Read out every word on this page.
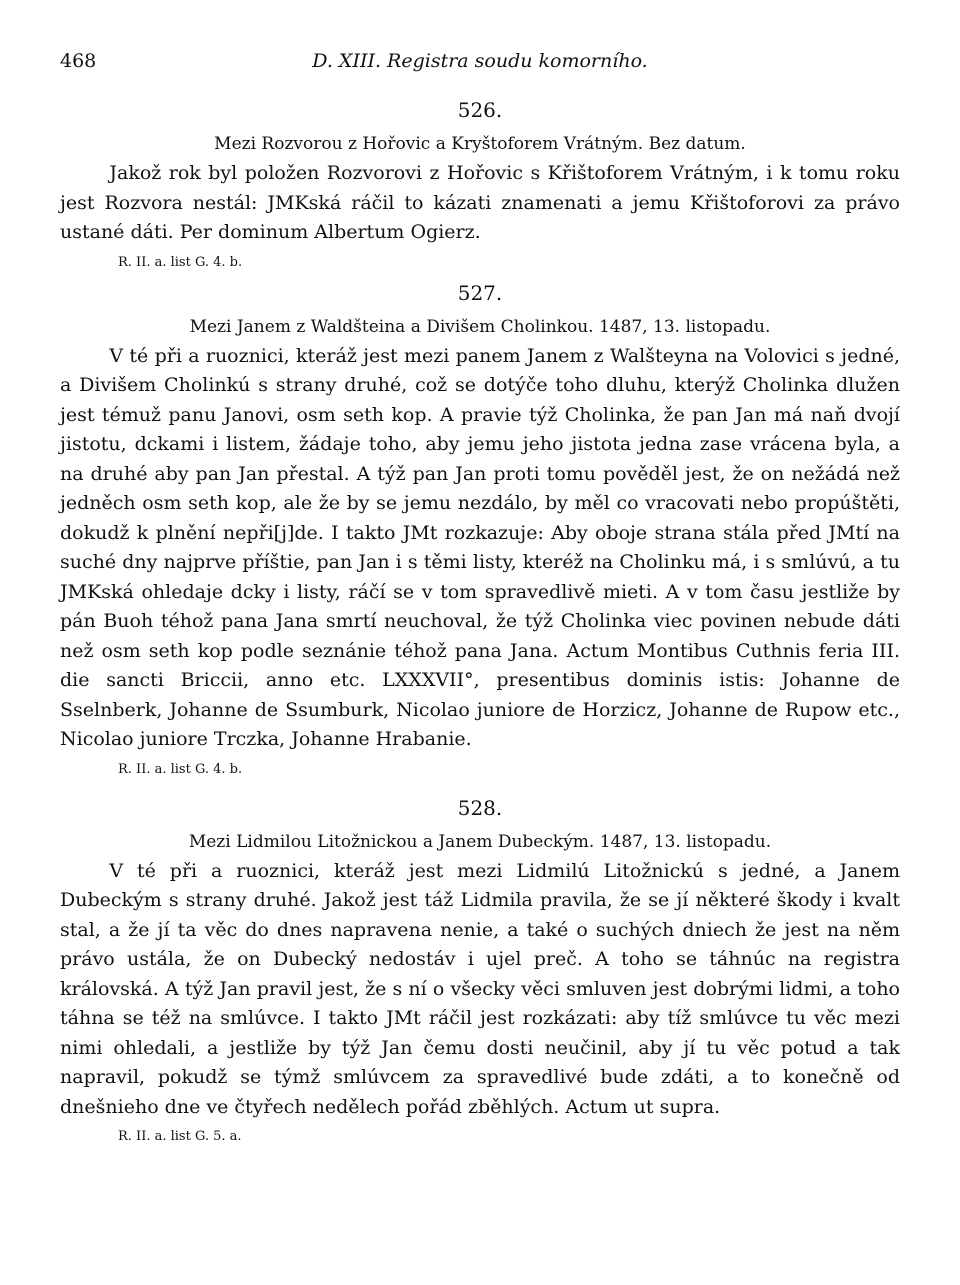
468	D. XIII. Registra soudu komorního.

526.

Mezi Rozvorou z Hořovic a Kryštoforem Vrátným. Bez datum.

Jakož rok byl položen Rozvorovi z Hořovic s Křištoforem Vrátným, i k tomu roku jest Rozvora nestál: JMKská ráčil to kázati znamenati a jemu Křištoforovi za právo ustané dáti. Per dominum Albertum Ogierz.

R. II. a. list G. 4. b.

527.

Mezi Janem z Waldšteina a Divišem Cholinkou. 1487, 13. listopadu.

V té při a ruoznici, kteráž jest mezi panem Janem z Walšteyna na Volovici s jedné, a Divišem Cholinkú s strany druhé, což se dotýče toho dluhu, kterýž Cholinka dlužen jest témuž panu Janovi, osm seth kop. A pravie týž Cholinka, že pan Jan má naň dvojí jistotu, dckami i listem, žádaje toho, aby jemu jeho jistota jedna zase vrácena byla, a na druhé aby pan Jan přestal. A týž pan Jan proti tomu pověděl jest, že on nežádá než jedněch osm seth kop, ale že by se jemu nezdálo, by měl co vracovati nebo propúštěti, dokudž k plnění nepři[j]de. I takto JMt rozkazuje: Aby oboje strana stála před JMtí na suché dny najprve příštie, pan Jan i s těmi listy, kteréž na Cholinku má, i s smlúvú, a tu JMKská ohledaje dcky i listy, ráčí se v tom spravedlivě mieti. A v tom času jestliže by pán Buoh téhož pana Jana smrtí neuchoval, že týž Cholinka viec povinen nebude dáti než osm seth kop podle seznánie téhož pana Jana. Actum Montibus Cuthnis feria III. die sancti Briccii, anno etc. LXXXVII°, presentibus dominis istis: Johanne de Sselnberk, Johanne de Ssumburk, Nicolao juniore de Horzicz, Johanne de Rupow etc., Nicolao juniore Trczka, Johanne Hrabanie.

R. II. a. list G. 4. b.

528.

Mezi Lidmilou Litožnickou a Janem Dubeckým. 1487, 13. listopadu.

V té při a ruoznici, kteráž jest mezi Lidmilú Litožnickú s jedné, a Janem Dubeckým s strany druhé. Jakož jest táž Lidmila pravila, že se jí některé škody i kvalt stal, a že jí ta věc do dnes napravena nenie, a také o suchých dniech že jest na něm právo ustála, že on Dubecký nedostáv i ujel preč. A toho se táhnúc na registra královská. A týž Jan pravil jest, že s ní o všecky věci smluven jest dobrými lidmi, a toho táhna se též na smlúvce. I takto JMt ráčil jest rozkázati: aby tíž smlúvce tu věc mezi nimi ohledali, a jestliže by týž Jan čemu dosti neučinil, aby jí tu věc potud a tak napravil, pokudž se týmž smlúvcem za spravedlivé bude zdáti, a to konečně od dnešnieho dne ve čtyřech nedělech pořád zběhlých. Actum ut supra.

R. II. a. list G. 5. a.
